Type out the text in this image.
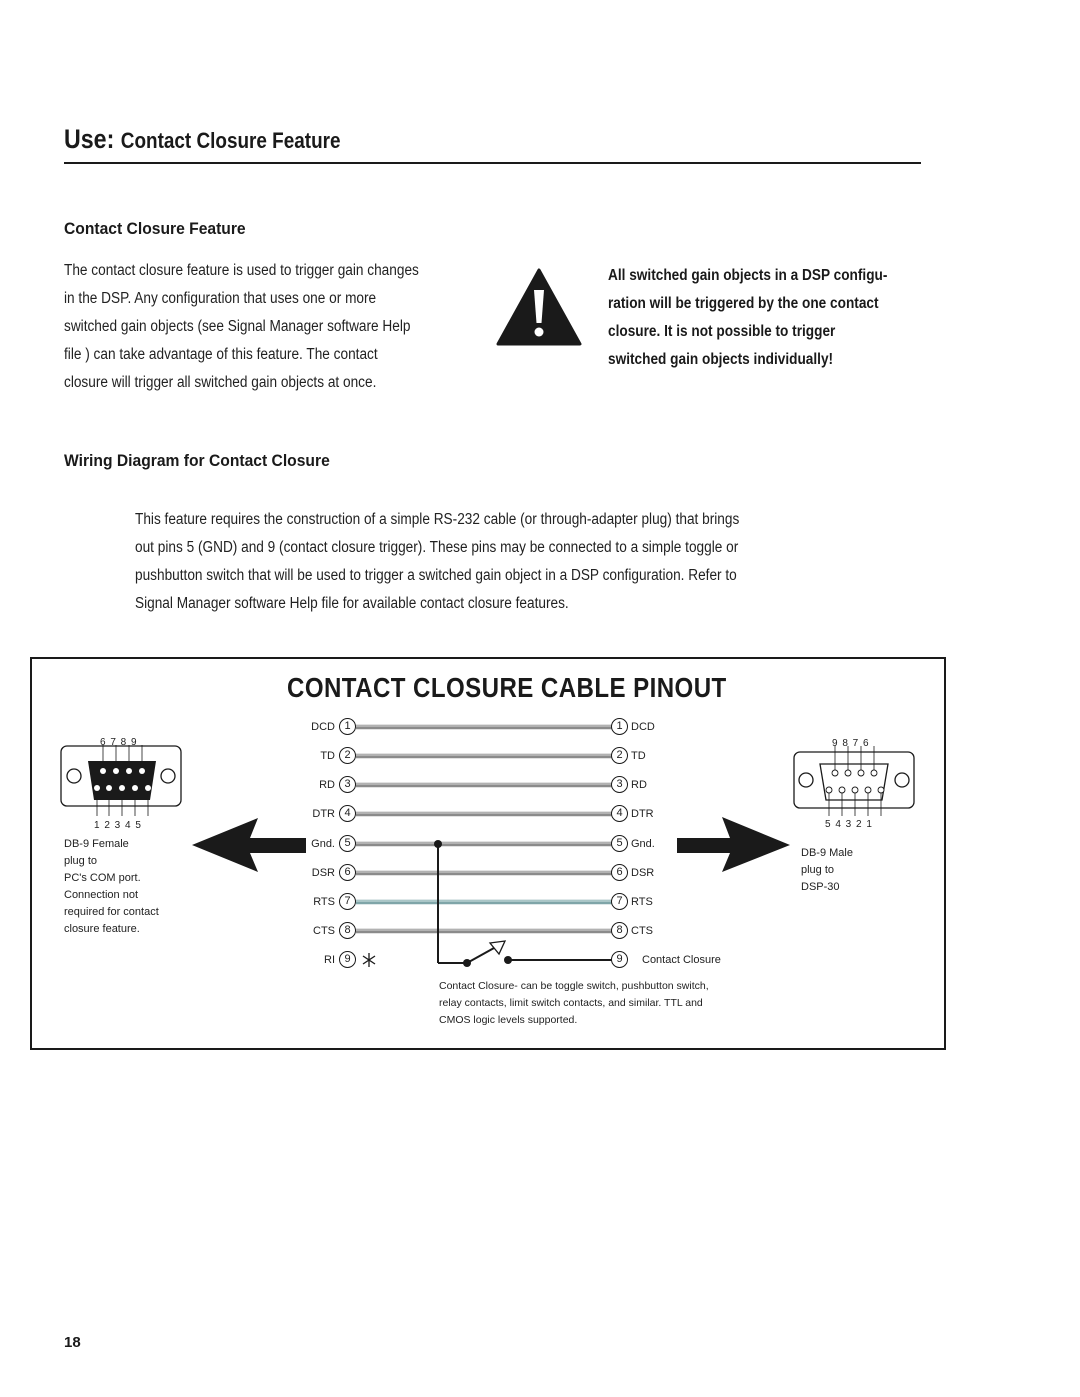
Use: Contact Closure Feature
Contact Closure Feature
The contact closure feature is used to trigger gain changes
in the DSP. Any configuration that uses one or more
switched gain objects (see Signal Manager software Help
file ) can take advantage of this feature. The contact
closure will trigger all switched gain objects at once.
All switched gain objects in a DSP configu-
ration will be triggered by the one contact
closure. It is not possible to trigger
switched gain objects individually!
Wiring Diagram for Contact Closure
This feature requires the construction of a simple RS-232 cable (or through-adapter plug) that brings
out pins 5 (GND) and 9 (contact closure trigger). These pins may be connected to a simple toggle or
pushbutton switch that will be used to trigger a switched gain object in a DSP configuration. Refer to
Signal Manager software Help file for available contact closure features.
CONTACT CLOSURE CABLE PINOUT
6 7 8 9
1 2 3 4 5
DB-9 Female
plug to
PC's COM port.
Connection not
required for contact
closure feature.
9 8 7 6
5 4 3 2 1
DB-9 Male
plug to
DSP-30
DCD 1
TD 2
RD 3
DTR 4
Gnd. 5
DSR 6
RTS 7
CTS 8
RI 9
1 DCD
2 TD
3 RD
4 DTR
5 Gnd.
6 DSR
7 RTS
8 CTS
9	Contact Closure
Contact Closure- can be toggle switch, pushbutton switch,
relay contacts, limit switch contacts, and similar. TTL and
CMOS logic levels supported.
18
